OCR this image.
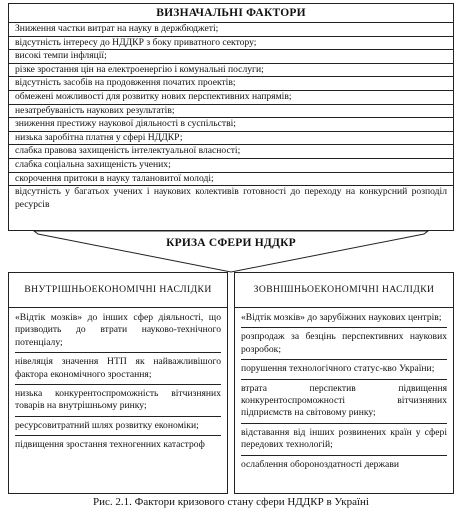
ВИЗНАЧАЛЬНІ ФАКТОРИ
Зниження частки витрат на науку в держбюджеті;
відсутність інтересу до НДДКР з боку приватного сектору;
високі темпи інфляції;
різке зростання цін на електроенергію і комунальні послуги;
відсутність засобів на продовження початих проектів;
обмежені можливості для розвитку нових перспективних напрямів;
незатребуваність наукових результатів;
зниження престижу наукової діяльності в суспільстві;
низька заробітна платня у сфері НДДКР;
слабка правова захищеність інтелектуальної власності;
слабка соціальна захищеність учених;
скорочення притоки в науку талановитої молоді;
відсутність у багатьох учених і наукових колективів готовності до переходу на конкурсний розподіл ресурсів
КРИЗА СФЕРИ НДДКР
ВНУТРІШНЬОЕКОНОМІЧНІ НАСЛІДКИ
«Відтік мозків» до інших сфер діяльності, що призводить до втрати науково-технічного потенціалу;
нівеляція значення НТП як найважливішого фактора економічного зростання;
низька конкурентоспроможність вітчизняних товарів на внутрішньому ринку;
ресурсовитратний шлях розвитку економіки;
підвищення зростання техногенних катастроф
ЗОВНІШНЬОЕКОНОМІЧНІ НАСЛІДКИ
«Відтік мозків» до зарубіжних наукових центрів;
розпродаж за безцінь перспективних наукових розробок;
порушення технологічного статус-кво України;
втрата перспектив підвищення конкурентоспроможності вітчизняних підприємств на світовому ринку;
відставання від інших розвинених країн у сфері передових технологій;
ослаблення обороноздатності держави
Рис. 2.1. Фактори кризового стану сфери НДДКР в Україні
